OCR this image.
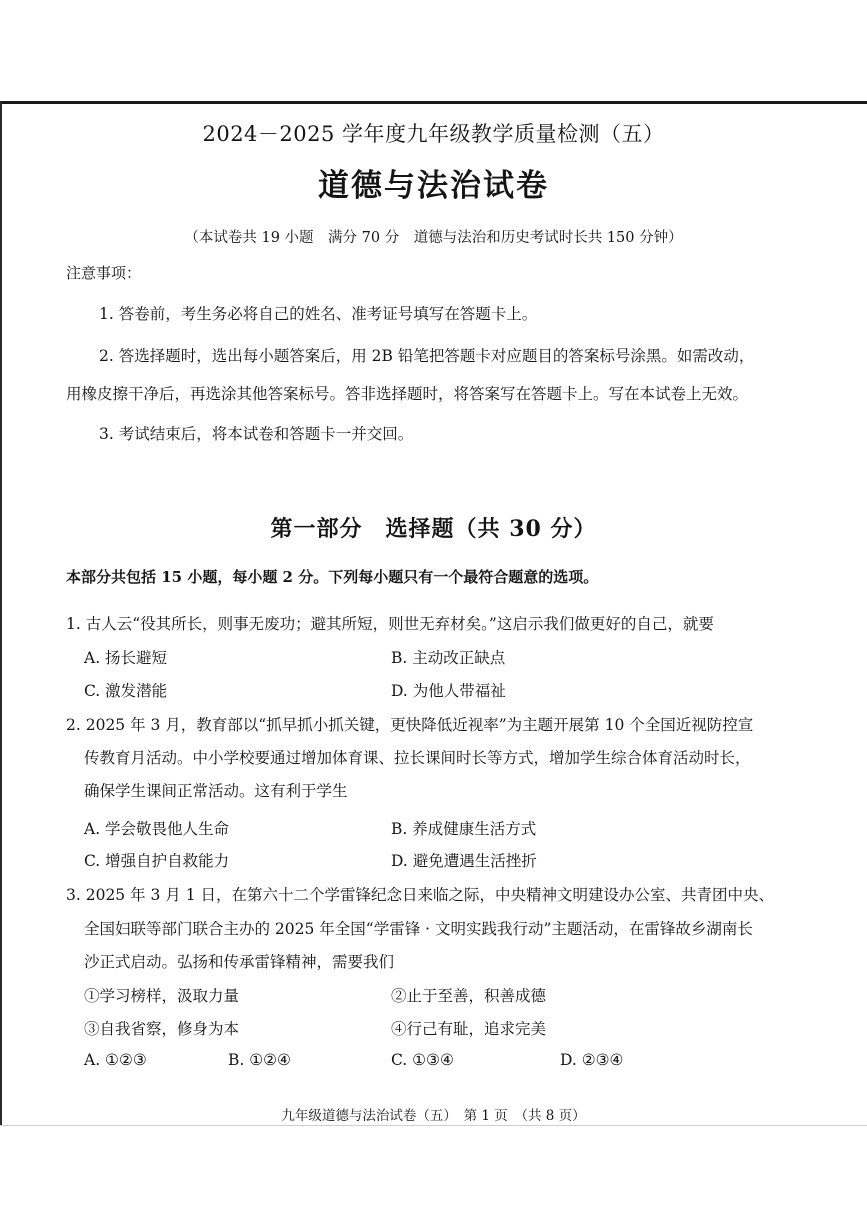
2024－2025 学年度九年级教学质量检测（五）
道德与法治试卷
（本试卷共 19 小题　满分 70 分　道德与法治和历史考试时长共 150 分钟）
注意事项：
1. 答卷前，考生务必将自己的姓名、准考证号填写在答题卡上。
2. 答选择题时，选出每小题答案后，用 2B 铅笔把答题卡对应题目的答案标号涂黑。如需改动，
用橡皮擦干净后，再选涂其他答案标号。答非选择题时，将答案写在答题卡上。写在本试卷上无效。
3. 考试结束后，将本试卷和答题卡一并交回。
第一部分　选择题（共 30 分）
本部分共包括 15 小题，每小题 2 分。下列每小题只有一个最符合题意的选项。
1. 古人云“役其所长，则事无废功；避其所短，则世无弃材矣。”这启示我们做更好的自己，就要
A. 扬长避短	B. 主动改正缺点
C. 激发潜能	D. 为他人带福祉
2. 2025 年 3 月，教育部以“抓早抓小抓关键，更快降低近视率”为主题开展第 10 个全国近视防控宣
传教育月活动。中小学校要通过增加体育课、拉长课间时长等方式，增加学生综合体育活动时长，
确保学生课间正常活动。这有利于学生
A. 学会敬畏他人生命	B. 养成健康生活方式
C. 增强自护自救能力	D. 避免遭遇生活挫折
3. 2025 年 3 月 1 日，在第六十二个学雷锋纪念日来临之际，中央精神文明建设办公室、共青团中央、
全国妇联等部门联合主办的 2025 年全国“学雷锋 · 文明实践我行动”主题活动，在雷锋故乡湖南长
沙正式启动。弘扬和传承雷锋精神，需要我们
①学习榜样，汲取力量	②止于至善，积善成德
③自我省察，修身为本	④行己有耻，追求完美
A. ①②③	B. ①②④	C. ①③④	D. ②③④
九年级道德与法治试卷（五）　第 1 页　（共 8 页）
